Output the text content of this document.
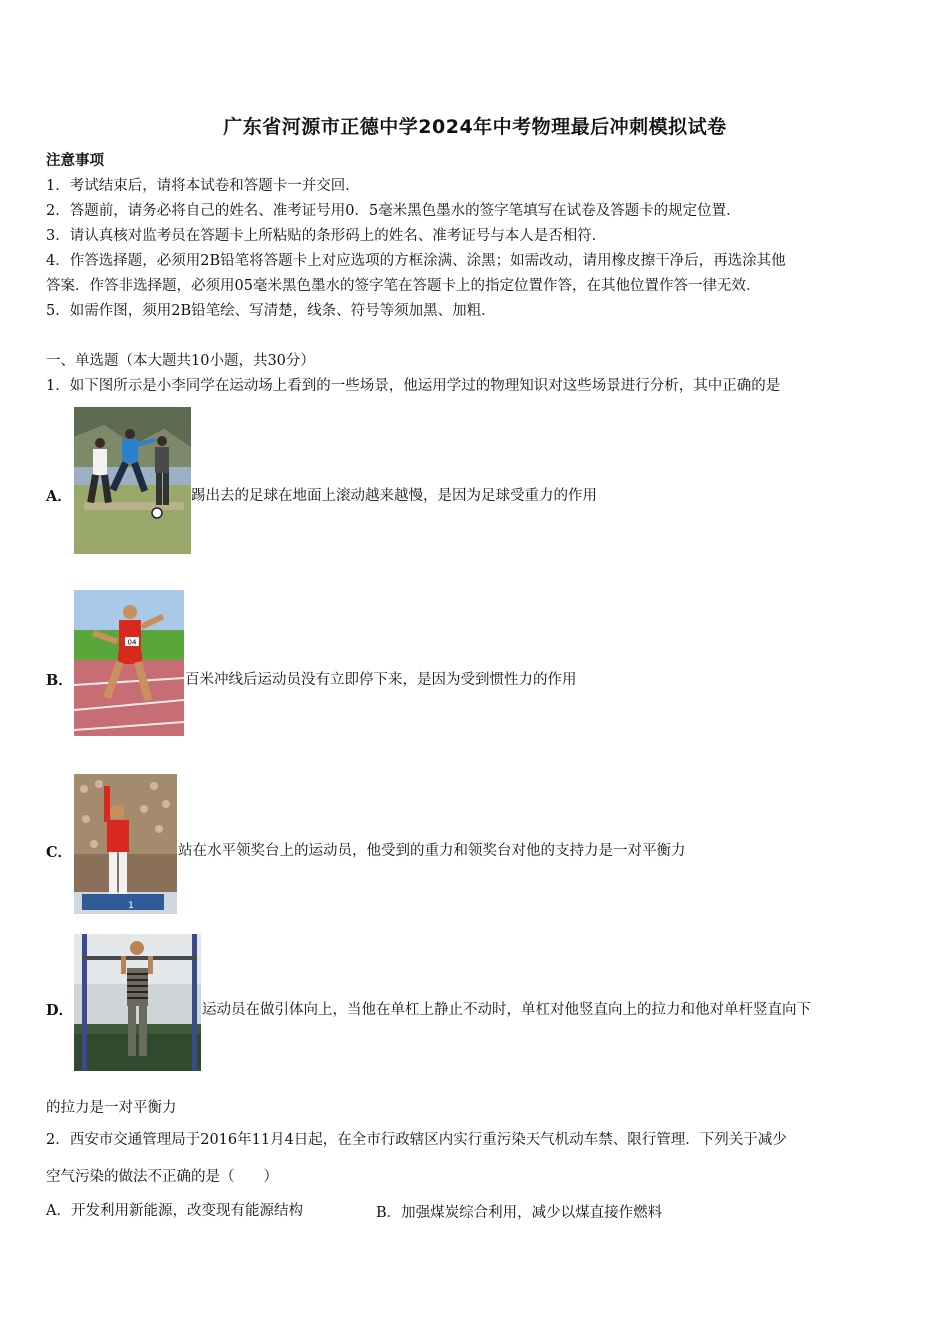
广东省河源市正德中学2024年中考物理最后冲刺模拟试卷
注意事项
1．考试结束后，请将本试卷和答题卡一并交回．
2．答题前，请务必将自己的姓名、准考证号用0．5毫米黑色墨水的签字笔填写在试卷及答题卡的规定位置．
3．请认真核对监考员在答题卡上所粘贴的条形码上的姓名、准考证号与本人是否相符．
4．作答选择题，必须用2B铅笔将答题卡上对应选项的方框涂满、涂黑；如需改动，请用橡皮擦干净后，再选涂其他
答案．作答非选择题，必须用05毫米黑色墨水的签字笔在答题卡上的指定位置作答，在其他位置作答一律无效．
5．如需作图，须用2B铅笔绘、写清楚，线条、符号等须加黑、加粗．
一、单选题（本大题共10小题，共30分）
1．如下图所示是小李同学在运动场上看到的一些场景，他运用学过的物理知识对这些场景进行分析，其中正确的是
A．	踢出去的足球在地面上滚动越来越慢，是因为足球受重力的作用
04
B．	百米冲线后运动员没有立即停下来，是因为受到惯性力的作用
1
C．	站在水平领奖台上的运动员，他受到的重力和领奖台对他的支持力是一对平衡力
D．	运动员在做引体向上，当他在单杠上静止不动时，单杠对他竖直向上的拉力和他对单杆竖直向下
的拉力是一对平衡力
2．西安市交通管理局于2016年11月4日起，在全市行政辖区内实行重污染天气机动车禁、限行管理．下列关于减少
空气污染的做法不正确的是（　　）
A．开发利用新能源，改变现有能源结构	B．加强煤炭综合利用，减少以煤直接作燃料
